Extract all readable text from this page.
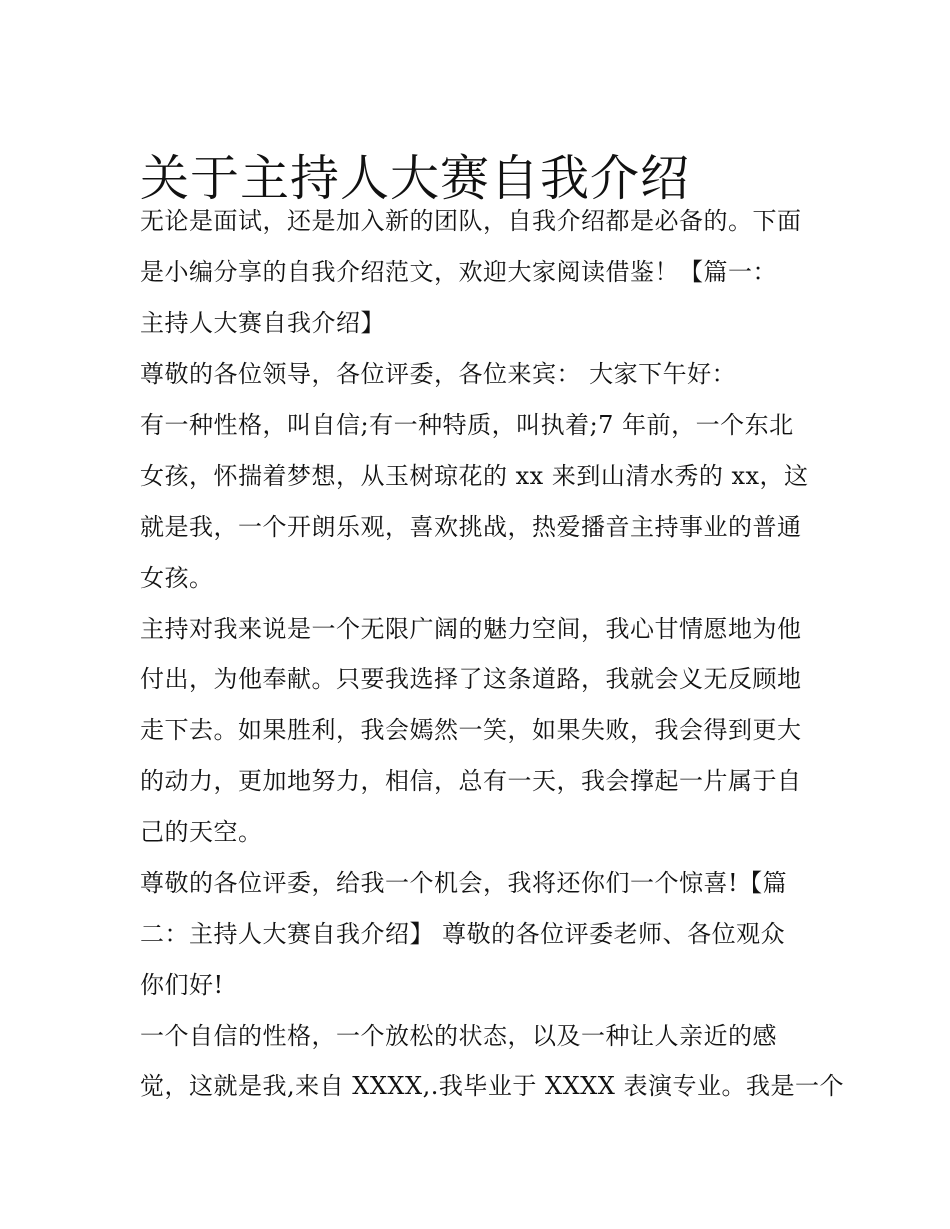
关于主持人大赛自我介绍
无论是面试，还是加入新的团队，自我介绍都是必备的。下面
是小编分享的自我介绍范文，欢迎大家阅读借鉴！【篇一：
主持人大赛自我介绍】
尊敬的各位领导，各位评委，各位来宾： 大家下午好：
有一种性格，叫自信;有一种特质，叫执着;7 年前，一个东北
女孩，怀揣着梦想，从玉树琼花的 xx 来到山清水秀的 xx，这
就是我，一个开朗乐观，喜欢挑战，热爱播音主持事业的普通
女孩。
主持对我来说是一个无限广阔的魅力空间，我心甘情愿地为他
付出，为他奉献。只要我选择了这条道路，我就会义无反顾地
走下去。如果胜利，我会嫣然一笑，如果失败，我会得到更大
的动力，更加地努力，相信，总有一天，我会撑起一片属于自
己的天空。
尊敬的各位评委，给我一个机会，我将还你们一个惊喜!【篇
二：主持人大赛自我介绍】 尊敬的各位评委老师、各位观众
你们好!
一个自信的性格，一个放松的状态，以及一种让人亲近的感
觉，这就是我,来自 XXXX,.我毕业于 XXXX 表演专业。我是一个
